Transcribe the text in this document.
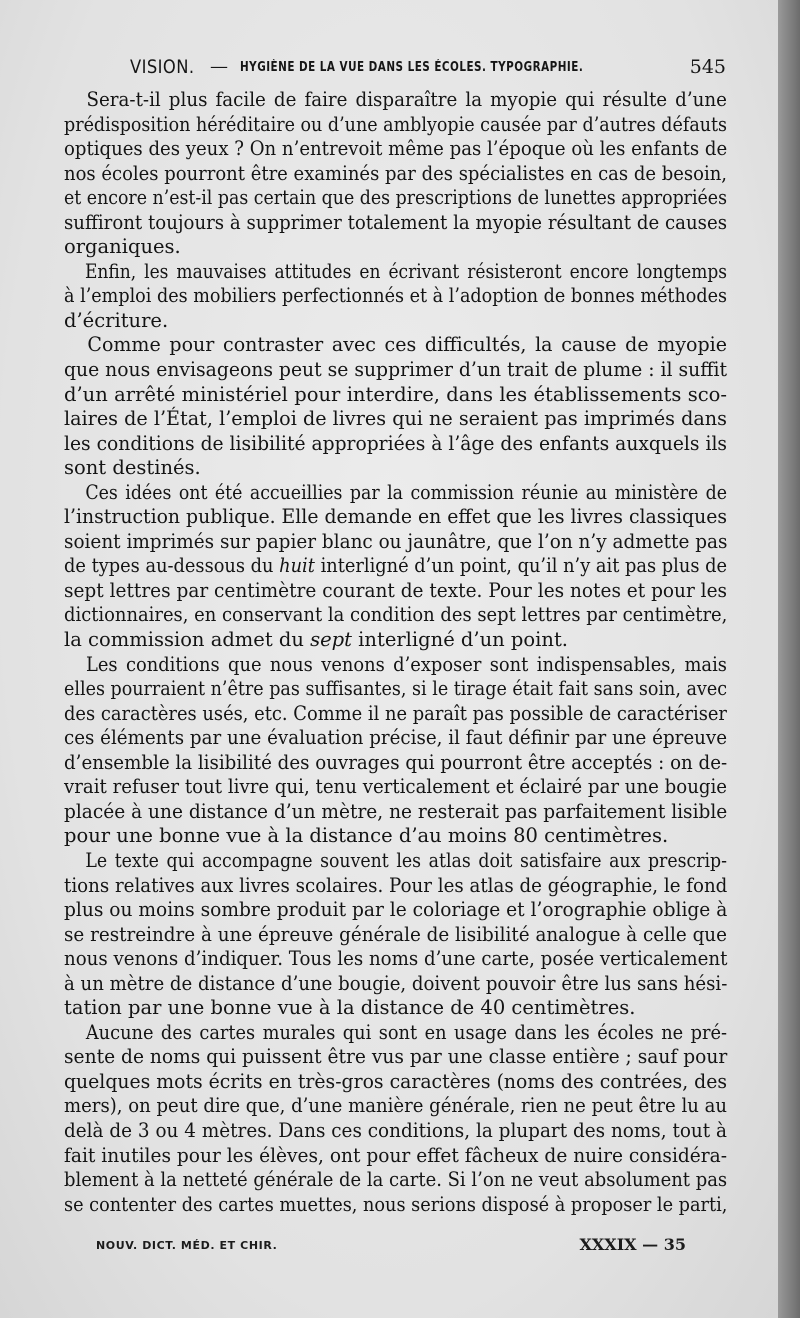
VISION. — HYGIÈNE DE LA VUE DANS LES ÉCOLES. TYPOGRAPHIE.	545
Sera-t-il plus facile de faire disparaître la myopie qui résulte d’une
prédisposition héréditaire ou d’une amblyopie causée par d’autres défauts
optiques des yeux ? On n’entrevoit même pas l’époque où les enfants de
nos écoles pourront être examinés par des spécialistes en cas de besoin,
et encore n’est-il pas certain que des prescriptions de lunettes appropriées
suffiront toujours à supprimer totalement la myopie résultant de causes
organiques.
Enfin, les mauvaises attitudes en écrivant résisteront encore longtemps
à l’emploi des mobiliers perfectionnés et à l’adoption de bonnes méthodes
d’écriture.
Comme pour contraster avec ces difficultés, la cause de myopie
que nous envisageons peut se supprimer d’un trait de plume : il suffit
d’un arrêté ministériel pour interdire, dans les établissements sco-
laires de l’État, l’emploi de livres qui ne seraient pas imprimés dans
les conditions de lisibilité appropriées à l’âge des enfants auxquels ils
sont destinés.
Ces idées ont été accueillies par la commission réunie au ministère de
l’instruction publique. Elle demande en effet que les livres classiques
soient imprimés sur papier blanc ou jaunâtre, que l’on n’y admette pas
de types au-dessous du huit interligné d’un point, qu’il n’y ait pas plus de
sept lettres par centimètre courant de texte. Pour les notes et pour les
dictionnaires, en conservant la condition des sept lettres par centimètre,
la commission admet du sept interligné d’un point.
Les conditions que nous venons d’exposer sont indispensables, mais
elles pourraient n’être pas suffisantes, si le tirage était fait sans soin, avec
des caractères usés, etc. Comme il ne paraît pas possible de caractériser
ces éléments par une évaluation précise, il faut définir par une épreuve
d’ensemble la lisibilité des ouvrages qui pourront être acceptés : on de-
vrait refuser tout livre qui, tenu verticalement et éclairé par une bougie
placée à une distance d’un mètre, ne resterait pas parfaitement lisible
pour une bonne vue à la distance d’au moins 80 centimètres.
Le texte qui accompagne souvent les atlas doit satisfaire aux prescrip-
tions relatives aux livres scolaires. Pour les atlas de géographie, le fond
plus ou moins sombre produit par le coloriage et l’orographie oblige à
se restreindre à une épreuve générale de lisibilité analogue à celle que
nous venons d’indiquer. Tous les noms d’une carte, posée verticalement
à un mètre de distance d’une bougie, doivent pouvoir être lus sans hési-
tation par une bonne vue à la distance de 40 centimètres.
Aucune des cartes murales qui sont en usage dans les écoles ne pré-
sente de noms qui puissent être vus par une classe entière ; sauf pour
quelques mots écrits en très-gros caractères (noms des contrées, des
mers), on peut dire que, d’une manière générale, rien ne peut être lu au
delà de 3 ou 4 mètres. Dans ces conditions, la plupart des noms, tout à
fait inutiles pour les élèves, ont pour effet fâcheux de nuire considéra-
blement à la netteté générale de la carte. Si l’on ne veut absolument pas
se contenter des cartes muettes, nous serions disposé à proposer le parti,
NOUV. DICT. MÉD. ET CHIR.	XXXIX — 35
